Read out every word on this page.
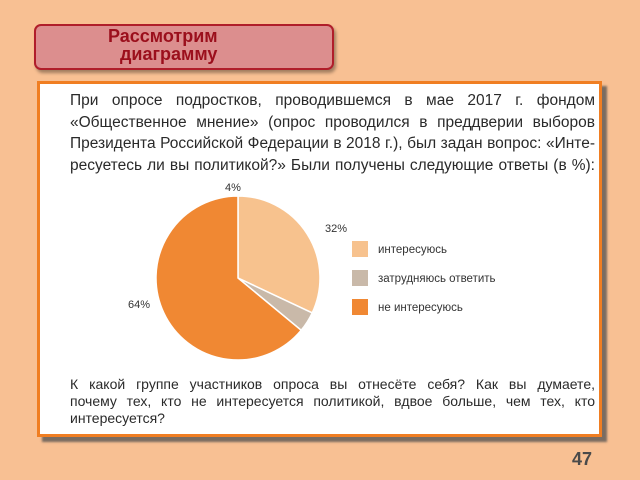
Рассмотрим
диаграмму
При опросе подростков, проводившемся в мае 2017 г. фондом
«Общественное мнение» (опрос проводился в преддверии выборов
Президента Российской Федерации в 2018 г.), был задан вопрос: «Инте-
ресуетесь ли вы политикой?» Были получены следующие ответы (в %):
32%
4%
64%
интересуюсь
затрудняюсь ответить
не интересуюсь
К какой группе участников опроса вы отнесёте себя? Как вы думаете,
почему тех, кто не интересуется политикой, вдвое больше, чем тех, кто
интересуется?
47
